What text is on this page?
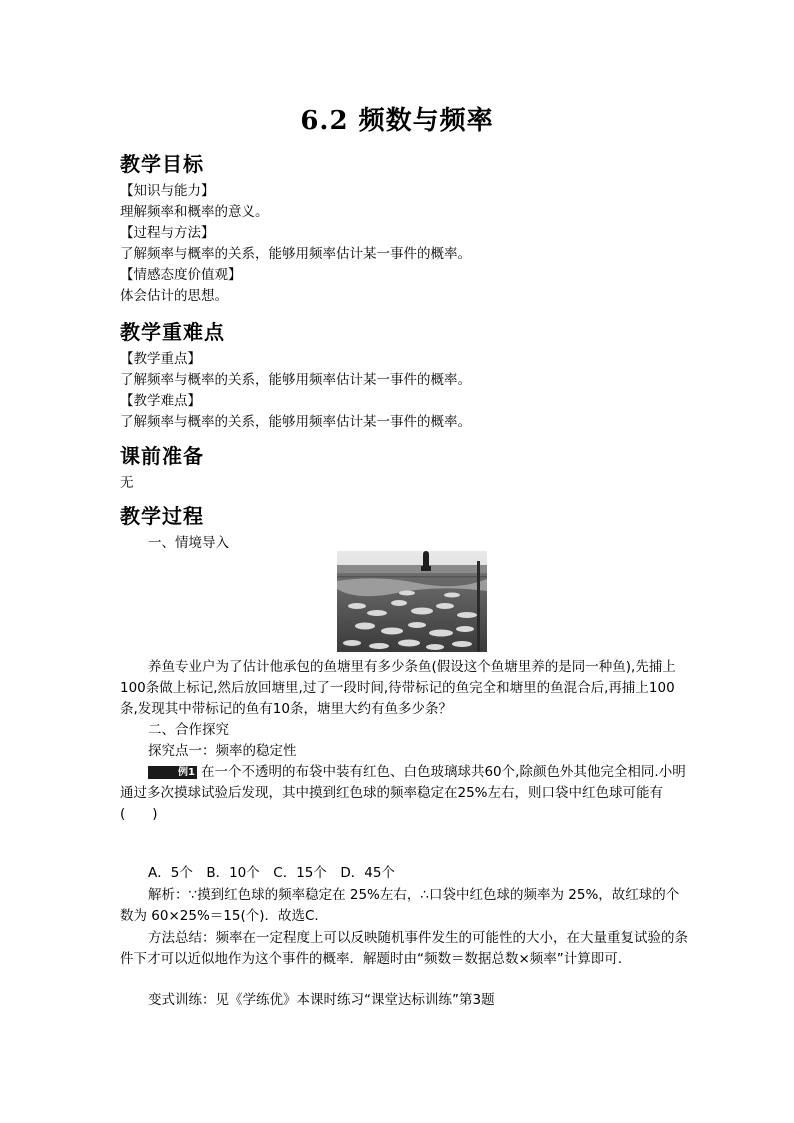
6.2 频数与频率
教学目标
【知识与能力】
理解频率和概率的意义。
【过程与方法】
了解频率与概率的关系，能够用频率估计某一事件的概率。
【情感态度价值观】
体会估计的思想。
教学重难点
【教学重点】
了解频率与概率的关系，能够用频率估计某一事件的概率。
【教学难点】
了解频率与概率的关系，能够用频率估计某一事件的概率。
课前准备
无
教学过程
一、情境导入
养鱼专业户为了估计他承包的鱼塘里有多少条鱼(假设这个鱼塘里养的是同一种鱼),先捕上100条做上标记,然后放回塘里,过了一段时间,待带标记的鱼完全和塘里的鱼混合后,再捕上100条,发现其中带标记的鱼有10条，塘里大约有鱼多少条？
二、合作探究
探究点一：频率的稳定性
例1 在一个不透明的布袋中装有红色、白色玻璃球共60个,除颜色外其他完全相同.小明通过多次摸球试验后发现，其中摸到红色球的频率稳定在25%左右，则口袋中红色球可能有(　　)
A．5个　B．10个　C．15个　D．45个
解析：∵摸到红色球的频率稳定在 25%左右，∴口袋中红色球的频率为 25%，故红球的个数为 60×25%＝15(个)．故选C.
方法总结：频率在一定程度上可以反映随机事件发生的可能性的大小，在大量重复试验的条件下才可以近似地作为这个事件的概率．解题时由“频数＝数据总数×频率”计算即可.
变式训练：见《学练优》本课时练习“课堂达标训练”第3题
